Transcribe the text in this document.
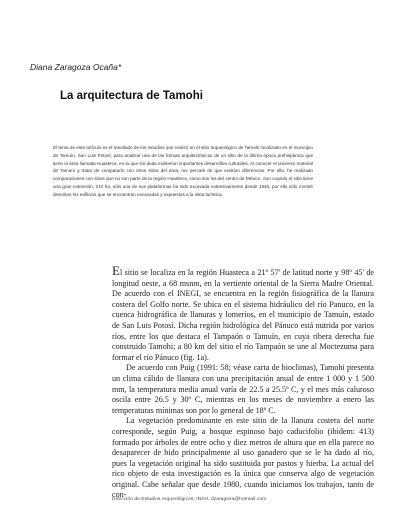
Diana Zaragoza Ocaña*
La arquitectura de Tamohi
El tema de este artículo es el resultado de los estudios que realizó en el sitio arqueológico de Tamohi localizado en el municipio de Tamuín, San Luis Potosí, para analizar una de las formas arquitectónicas de un sitio de la última época prehispánica que tiene el área llamada Huasteca, en la que sin duda existieron importantes desarrollos culturales. Al conocer el universo material de Tamuín y tratar de compararlo con otros sitios del área, me percaté de que existían diferencias. Por ello, he realizado comparaciones con sitios que no son parte de la región Huasteca, como son los del centro de México. Aun cuando el sitio tiene una gran extensión, 210 ha, sólo una de sus plataformas ha sido excavada extensivamente desde 1946, por ello sólo mostré descritos los edificios que se encuentran excavados y expuestos a la vista turística.

El sitio se localiza en la región Huasteca a 21º 57' de latitud norte y 98º 45' de longitud oeste, a 68 msnm, en la vertiente oriental de la Sierra Madre Oriental. De acuerdo con el INEGI, se encuentra en la región fisiográfica de la llanura costera del Golfo norte. Se ubica en el sistema hidráulico del río Panuco, en la cuenca hidrográfica de llanuras y lomeríos, en el municipio de Tamuín, estado de San Luis Potosí. Dicha región hidrológica del Pánuco está nutrida por varios ríos, entre los que destaca el Tampaón o Tamuín, en cuya ribera derecha fue construido Tamohi; a 80 km del sitio el río Tampaón se une al Moctezuma para formar el río Pánuco (fig. 1a).

De acuerdo con Puig (1991: 58; véase carta de bioclimas), Tamohi presenta un clima cálido de llanura con una precipitación anual de entre 1 000 y 1 500 mm, la temperatura media anual varía de 22.5 a 25.5º C, y el mes más caluroso oscila entre 26.5 y 30º C, mientras en los meses de noviembre a enero las temperaturas mínimas son por lo general de 18º C.

La vegetación predominante en este sitio de la llanura costera del norte corresponde, según Puig, a bosque espinoso bajo caducifolio (ibidem: 413) formado por árboles de entre ocho y diez metros de altura que en ella parece no desaparecer de bido principalmente al uso ganadero que se le ha dado al río, pues la vegetación original ha sido sustituida por pastos y hierba. La actual del rico objeto de esta investigación es la única que conserva algo de vegetación original. Cabe señalar que desde 1980, cuando iniciamos los trabajos, tanto de con-

Dirección de Estudios Arqueológicos, INAH. dzaragoza@hotmail.com
